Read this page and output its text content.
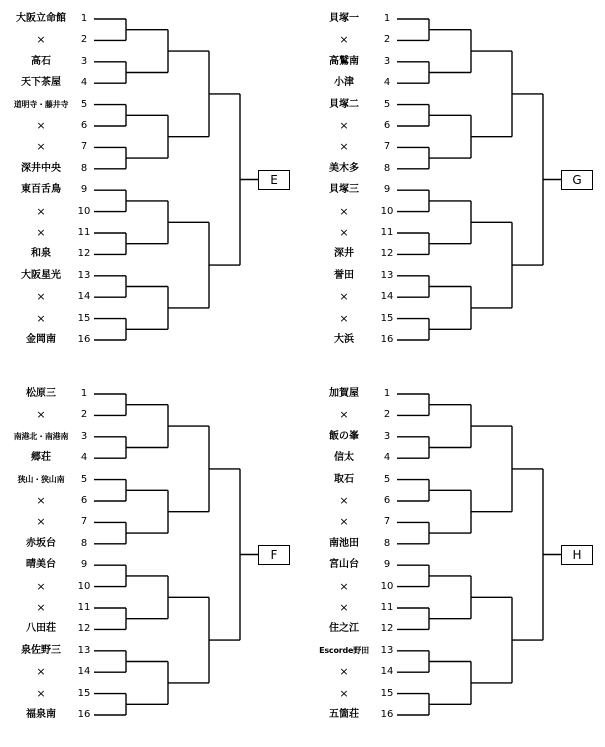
大阪立命館	1
×	2
高石	3
天下茶屋	4
道明寺・藤井寺	5
×	6
×	7
深井中央	8
東百舌鳥	9
×	10
×	11
和泉	12
大阪星光	13
×	14
×	15
金岡南	16
E
貝塚一	1
×	2
高鷲南	3
小津	4
貝塚二	5
×	6
×	7
美木多	8
貝塚三	9
×	10
×	11
深井	12
誉田	13
×	14
×	15
大浜	16
G
松原三	1
×	2
南港北・南港南	3
郷荘	4
狭山・狭山南	5
×	6
×	7
赤坂台	8
晴美台	9
×	10
×	11
八田荘	12
泉佐野三	13
×	14
×	15
福泉南	16
F
加賀屋	1
×	2
飯の峯	3
信太	4
取石	5
×	6
×	7
南池田	8
宮山台	9
×	10
×	11
住之江	12
Escorde野田	13
×	14
×	15
五箇荘	16
H
